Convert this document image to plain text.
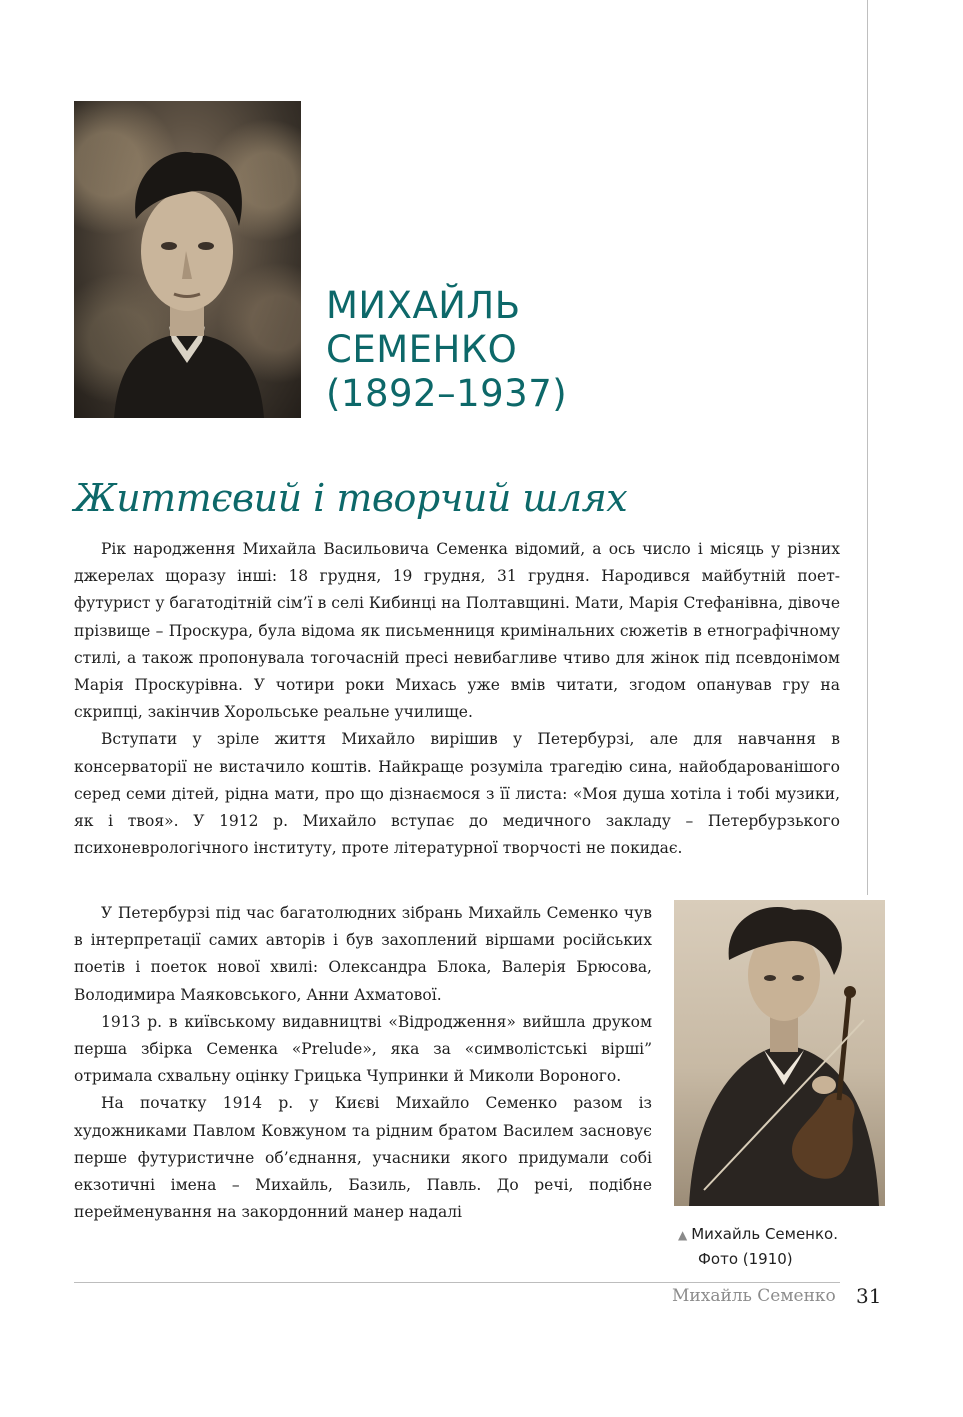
МИХАЙЛЬ
СЕМЕНКО
(1892–1937)
Життєвий і творчий шлях

Рік народження Михайла Васильовича Семенка відомий, а ось число і місяць у різних джерелах щоразу інші: 18 грудня, 19 грудня, 31 грудня. Народився майбутній поет-футурист у багатодітній сім’ї в селі Кибинці на Полтавщині. Мати, Марія Стефанівна, дівоче прізвище – Проскура, була відома як письменниця кримінальних сюжетів в етнографічному стилі, а також пропонувала тогочасній пресі невибагливе чтиво для жінок під псевдонімом Марія Проскурівна. У чотири роки Михась уже вмів читати, згодом опанував гру на скрипці, закінчив Хорольське реальне училище.

Вступати у зріле життя Михайло вирішив у Петербурзі, але для навчання в консерваторії не вистачило коштів. Найкраще розуміла трагедію сина, найобдарованішого серед семи дітей, рідна мати, про що дізнаємося з її листа: «Моя душа хотіла і тобі музики, як і твоя». У 1912 р. Михайло вступає до медичного закладу – Петербурзького психоневрологічного інституту, проте літературної творчості не покидає.

У Петербурзі під час багатолюдних зібрань Михайль Семенко чув в інтерпретації самих авторів і був захоплений віршами російських поетів і поеток нової хвилі: Олександра Блока, Валерія Брюсова, Володимира Маяковського, Анни Ахматової.

1913 р. в київському видавництві «Відродження» вийшла друком перша збірка Семенка «Prelude», яка за «символістські вірші” отримала схвальну оцінку Грицька Чупринки й Миколи Вороного.

На початку 1914 р. у Києві Михайло Семенко разом із художниками Павлом Ковжуном та рідним братом Василем засновує перше футуристичне об’єднання, учасники якого придумали собі екзотичні імена – Михайль, Базиль, Павль. До речі, подібне перейменування на закордонний манер надалі

▲ Михайль Семенко.
Фото (1910)
Михайль Семенко 31
